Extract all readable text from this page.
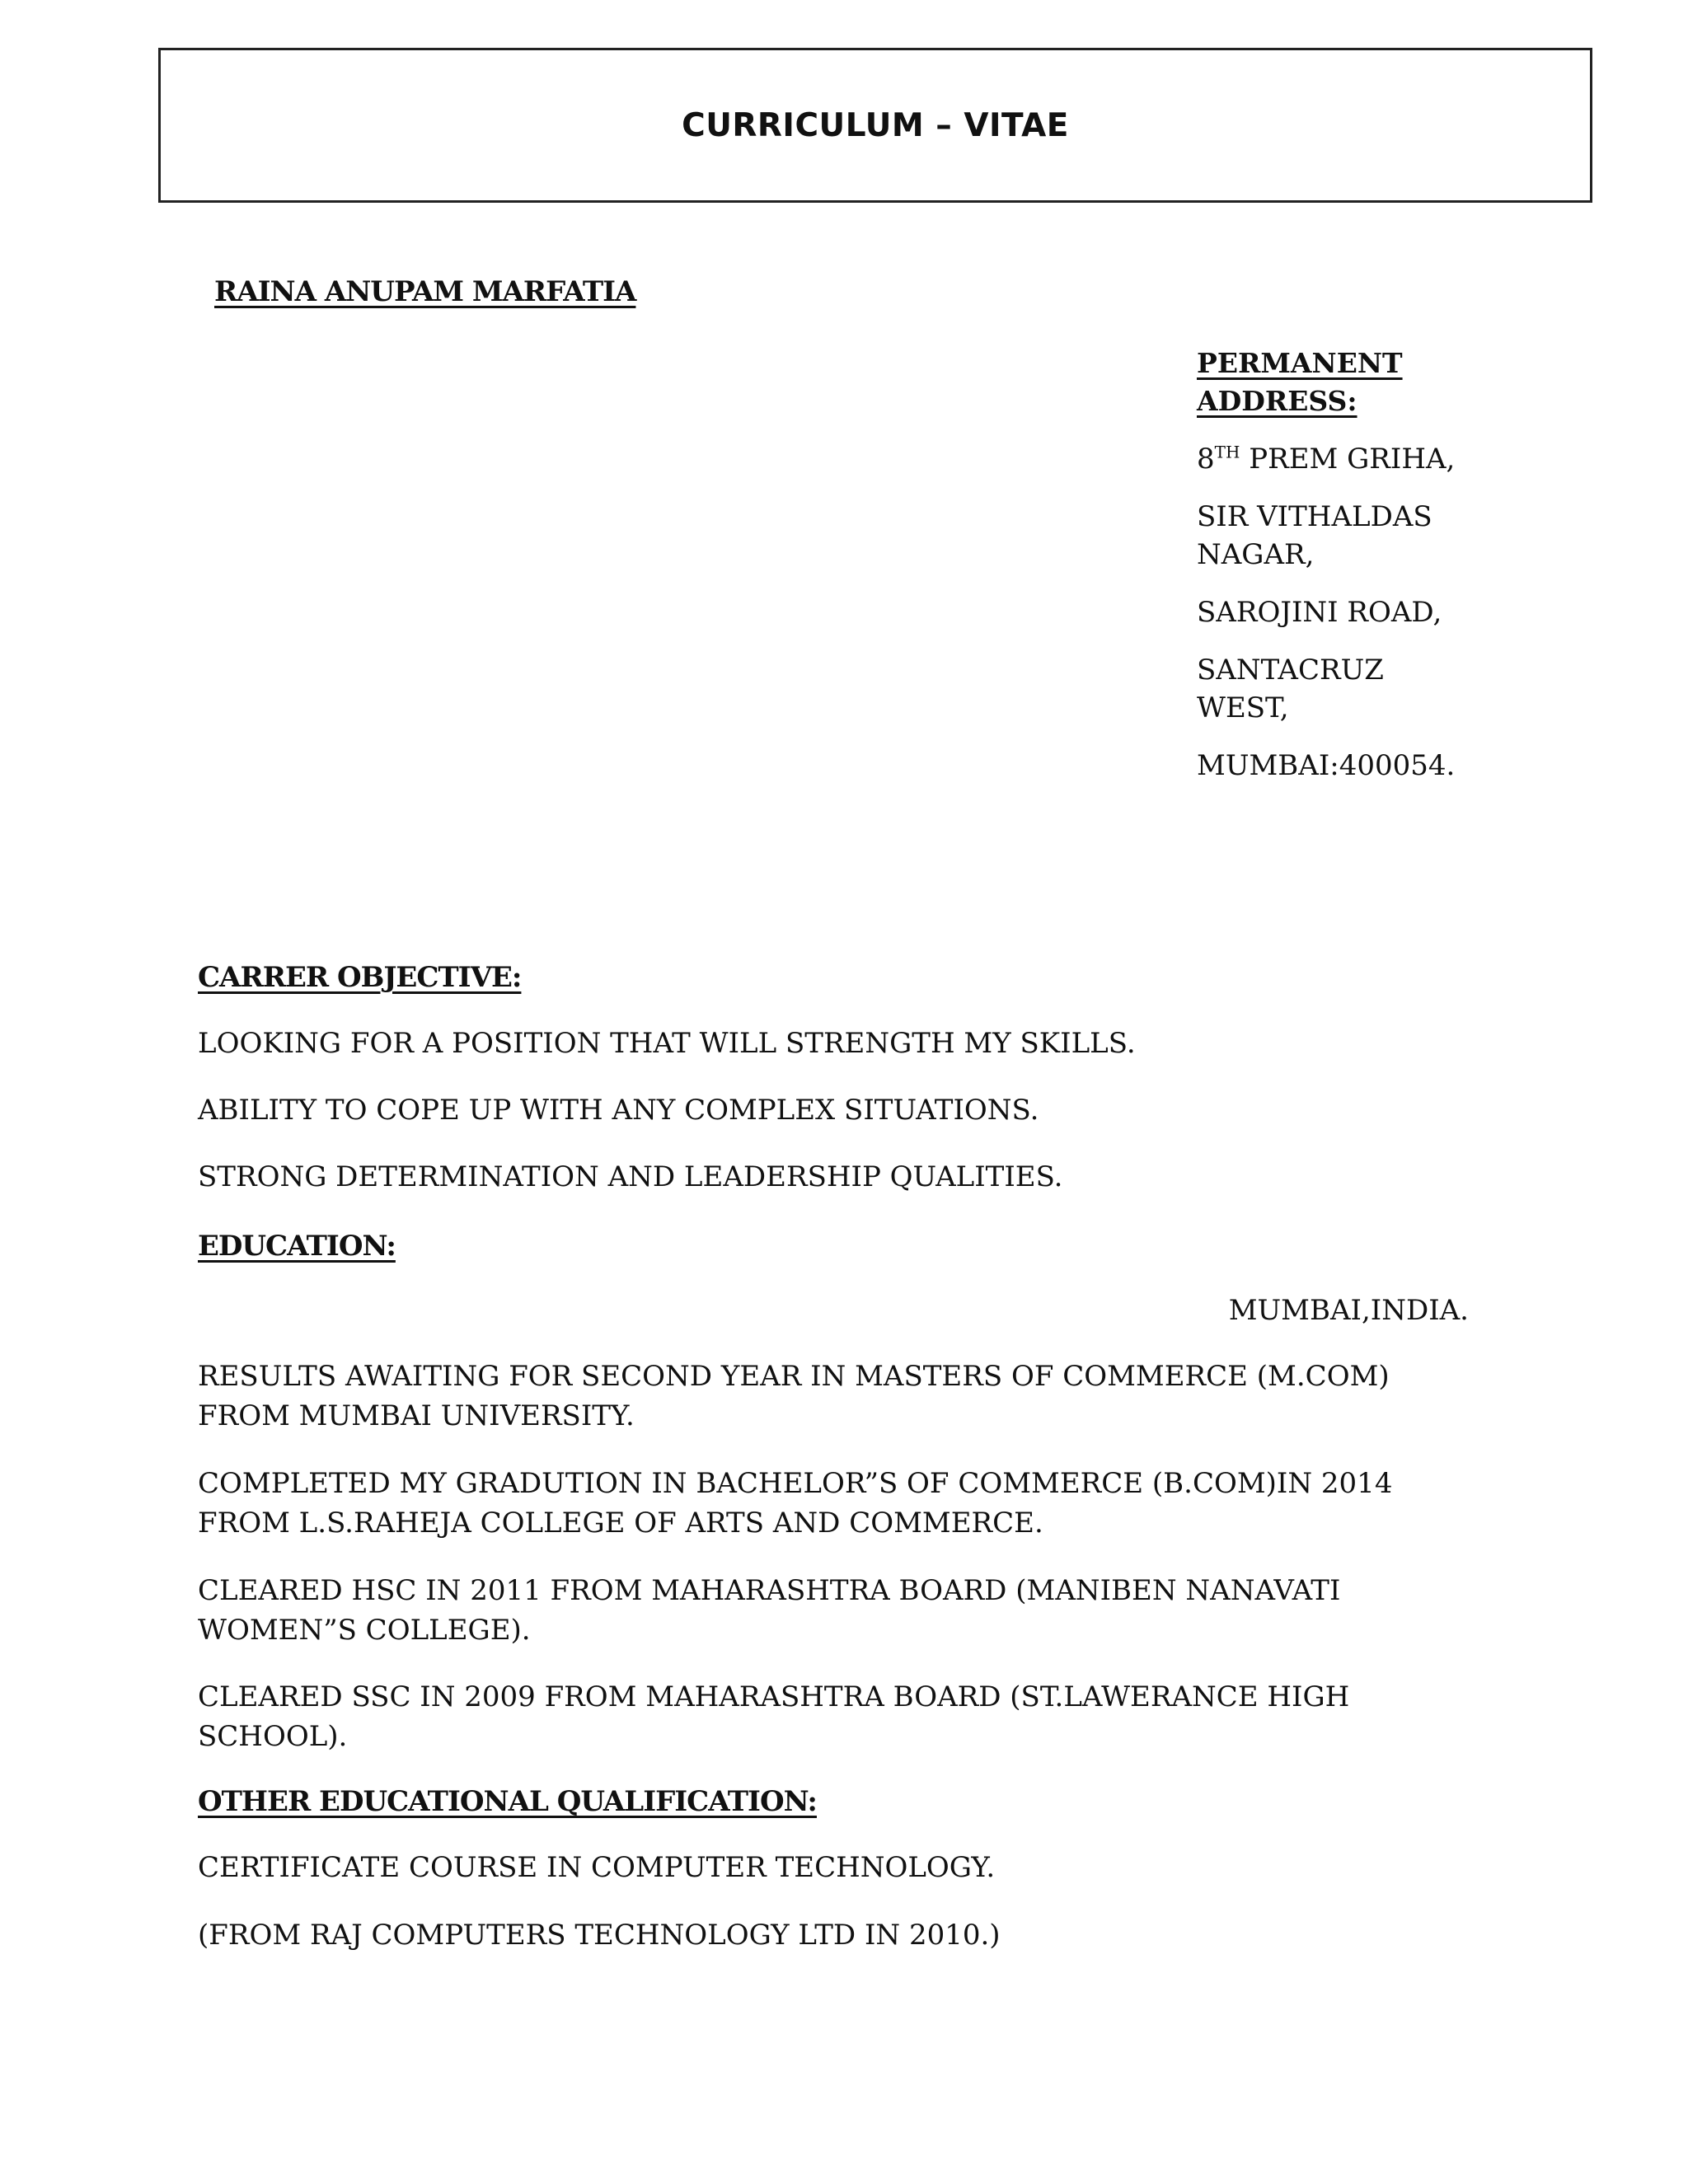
CURRICULUM – VITAE
RAINA ANUPAM MARFATIA
PERMANENT ADDRESS:
8TH PREM GRIHA,
SIR VITHALDAS NAGAR,
SAROJINI ROAD,
SANTACRUZ WEST,
MUMBAI:400054.
CARRER OBJECTIVE:
LOOKING FOR A POSITION THAT WILL STRENGTH MY SKILLS.
ABILITY TO COPE UP WITH ANY COMPLEX SITUATIONS.
STRONG DETERMINATION AND LEADERSHIP QUALITIES.
EDUCATION:
MUMBAI,INDIA.
RESULTS AWAITING FOR SECOND YEAR IN MASTERS OF COMMERCE (M.COM) FROM MUMBAI UNIVERSITY.
COMPLETED MY GRADUTION IN BACHELOR”S OF COMMERCE (B.COM)IN 2014 FROM L.S.RAHEJA COLLEGE OF ARTS AND COMMERCE.
CLEARED HSC IN 2011 FROM MAHARASHTRA BOARD (MANIBEN NANAVATI WOMEN”S COLLEGE).
CLEARED SSC IN 2009 FROM MAHARASHTRA BOARD (ST.LAWERANCE HIGH SCHOOL).
OTHER EDUCATIONAL QUALIFICATION:
CERTIFICATE COURSE IN COMPUTER TECHNOLOGY.
(FROM RAJ COMPUTERS TECHNOLOGY LTD IN 2010.)
